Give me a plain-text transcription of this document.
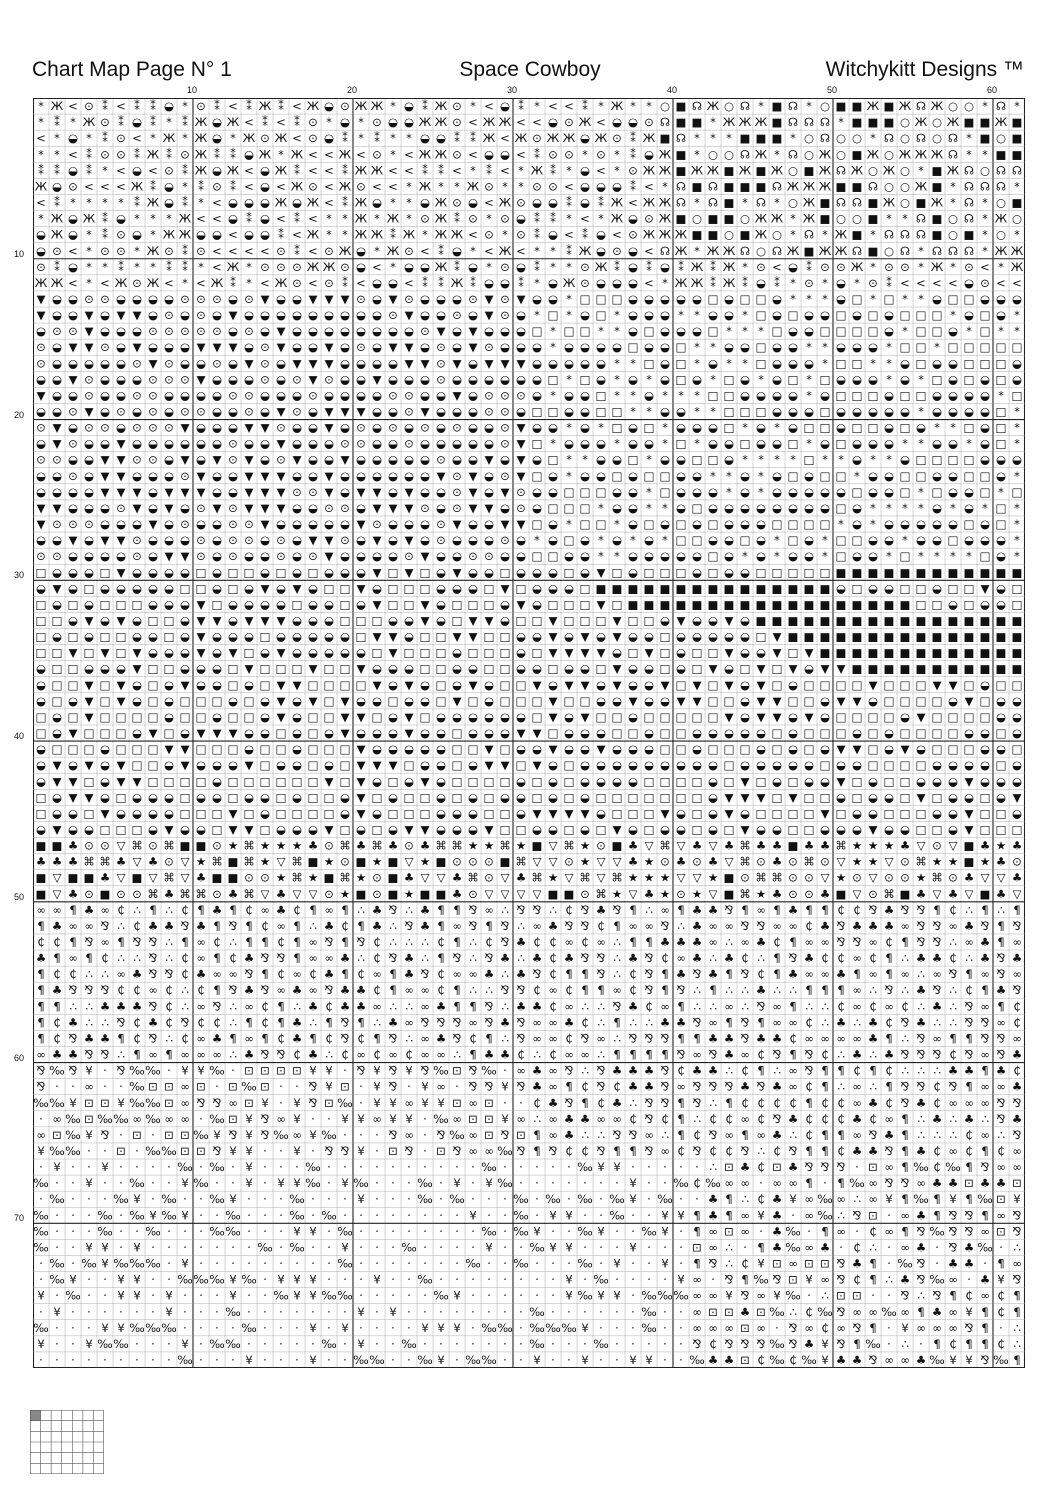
Chart Map Page N° 1	Space Cowboy	Witchykitt Designs ™
10	20	30	40	50	60
10
20
30
40
50
60
70
* Ж < ⊙ ⁑ < ⁑ ⁑ ◒ * ⊙ ⁑ < ⁑ Ж ⁑ < Ж ◒ ⊙ Ж Ж * ◒ ⁑ Ж ⊙ * < ◒ ⁑ * < < ⁑ * Ж * * ○ ■ ☊ Ж ○ ☊ * ■ ☊ * ○ ■ ■ Ж ■ Ж ☊ Ж ○ ○ * ☊ *
* ⁑ * Ж ⊙ ⁑ ◒ ⁑ * ⁑ Ж ◒ Ж < ⁑ < ⁑ ⊙ * ◒ * ⊙ ◒ ◒ Ж Ж ⊙ < Ж Ж < < ◒ ⊙ Ж < ◒ ◒ ⊙ ☊ ■ ■ * Ж Ж Ж ■ ☊ ☊ ☊ * ■ ■ ■ ○ Ж ○ Ж ■ ■ Ж ■
< * ◒ * ⁑ ⊙ < * Ж * Ж ◒ * Ж ⊙ Ж < ⊙ ◒ ⁑ * ⁑ * * ◒ ◒ ⁑ ⁑ Ж < Ж ⊙ Ж Ж ◒ Ж ⊙ ⁑ Ж ■ ☊ * * * ■ ■ ■ * ○ ☊ ○ ○ * ☊ ○ ☊ ○ ☊ * ■ ○ ■
* * < ⁑ ⊙ ⊙ ⁑ Ж ⁑ ⊙ Ж ⁑ ⁑ ◒ Ж * Ж < < Ж < ⊙ * < Ж Ж ⊙ < ◒ ◒ < ⁑ ⊙ ⊙ * ⊙ * ⁑ ◒ Ж ■ * ○ ○ ☊ Ж * ☊ ○ Ж ○ ■ Ж ○ Ж Ж Ж ☊ * * ■ ■
⁑ ⁑ ◒ ⁑ * < ◒ < ⊙ ⁑ Ж ◒ Ж < ◒ Ж ⁑ < < ⁑ Ж Ж < < ⁑ ⁑ < * ⁑ < * Ж ⁑ * ◒ < * ⊙ Ж Ж ■ Ж Ж ■ Ж ■ Ж ○ ■ Ж ☊ Ж ○ Ж ○ * ■ Ж ☊ ○ ☊ ☊
Ж ◒ ⊙ < < < Ж ⁑ ◒ * ⁑ ⊙ ⁑ < ◒ < Ж ⊙ < Ж ⊙ < < * Ж * * Ж ⊙ * * ⊙ ⊙ < ◒ ◒ ◒ ⁑ < * ☊ ■ ☊ ■ ■ ■ ☊ Ж Ж Ж ■ ■ ☊ ○ ○ Ж ■ * ☊ ☊ ☊ *
< ⁑ * * * * ⁑ Ж ◒ ⁑ * < ◒ ◒ ◒ Ж ◒ Ж < ⁑ Ж ◒ * * ◒ Ж ⊙ ◒ < Ж ⊙ ◒ ◒ ⁑ ◒ ⁑ Ж < Ж Ж ☊ * ☊ ■ * ☊ * ○ Ж ■ ☊ ☊ ■ Ж ○ ■ Ж * ☊ * ○ ■
* Ж ◒ Ж ⁑ ◒ * * * Ж < < ◒ ⁑ ◒ < ⁑ < * * Ж * Ж * ⊙ Ж ⁑ ⊙ * ⊙ ◒ ⁑ ⁑ * < * Ж ◒ ⊙ Ж ■ ○ ■ ■ ○ Ж Ж * Ж ■ ○ ○ ■ * * ☊ ■ ○ ☊ * Ж ○
◒ Ж ◒ * ⁑ ⊙ ◒ * Ж Ж ◒ ◒ < ◒ ◒ ⁑ < Ж * * Ж Ж ⁑ Ж * Ж Ж < ⊙ * ⊙ ⁑ ◒ < ⁑ ◒ < ⊙ Ж Ж Ж ■ ■ ○ ■ Ж ○ * ☊ * Ж ■ * ☊ ☊ ☊ ■ ○ ■ * ○ *
◒ ⊙ < * ⊙ ⊙ * Ж ⊙ ⁑ ⊙ < < < < ⊙ ⁑ < ⊙ Ж ◒ * Ж ⊙ < ⁑ ◒ * < Ж < * * ⁑ Ж ◒ ⊙ ◒ < ☊ Ж * Ж Ж ☊ ○ ☊ Ж ■ Ж Ж ☊ ■ ○ ☊ * ☊ ☊ ☊ * Ж Ж
⊙ ⁑ ◒ * * ⁑ * * ⁑ ⁑ * < Ж * ⊙ ⊙ ⊙ Ж Ж ⊙ ◒ < * ◒ ◒ Ж ⁑ ◒ * ⊙ ◒ ⁑ * * ⊙ Ж ⁑ ◒ ⁑ ◒ ⁑ Ж ⁑ Ж * ⊙ < ◒ ⁑ ⊙ ⊙ Ж * ⊙ ⊙ * Ж * ⊙ < * Ж
Ж Ж < * < Ж ⊙ Ж < * < Ж ⁑ * < Ж ⊙ < ⊙ ⁑ < ◒ ◒ < ⁑ ⁑ Ж ⁑ ◒ ◒ ⁑ * ◒ Ж ⊙ ◒ ◒ ◒ < * Ж Ж ⁑ Ж ⁑ ◒ ⁑ * ⊙ * ◒ * ⊙ ⁑ < < < < ◒ ⊙ < <
▼ ◒ ◒ ⊙ ⊙ ◒ ◒ ◒ ◒ ⊙ ⊙ ⊙ ◒ ⊙ ▼ ◒ ◒ ▼ ▼ ▼ ⊙ ◒ ▼ ⊙ ◒ ◒ ◒ ⊙ ▼ ⊙ ▼ ◒ ◒ * □ □ □ ◒ ◒ ◒ ◒ ◒ □ ◒ □ □ ◒ * * * ◒ □ * □ * * ◒ □ □ ◒ ◒ ◒
▼ ◒ ◒ ▼ ◒ ▼ ▼ ◒ ⊙ ◒ ⊙ ◒ ▼ ◒ ◒ ◒ ◒ ◒ ◒ ◒ ◒ ◒ ⊙ ▼ ◒ ◒ ⊙ ◒ ▼ ⊙ ◒ * □ * ◒ □ * ◒ ◒ ◒ * * ◒ ◒ * □ ◒ □ ◒ ◒ □ ◒ □ ◒ □ □ □ * ◒ □ ◒ *
◒ ⊙ ⊙ ▼ ◒ ◒ ◒ ⊙ ⊙ ⊙ ⊙ ⊙ ◒ ⊙ ◒ ▼ ◒ ◒ ◒ ◒ ◒ ◒ ◒ ◒ ⊙ ▼ ◒ ▼ ◒ ◒ ◒ □ * □ □ * * ◒ □ ◒ ◒ ◒ □ * * * □ ◒ ◒ □ □ □ □ ◒ * □ □ ◒ * □ * *
⊙ ◒ ▼ ▼ ⊙ ◒ ▼ ◒ ◒ ◒ ▼ ▼ ▼ ◒ ⊙ ▼ ◒ ◒ ▼ ◒ ⊙ ◒ ▼ ▼ ◒ ⊙ ◒ ▼ ⊙ ◒ ◒ ◒ * ◒ ◒ ◒ ◒ □ ◒ ◒ □ * * ◒ ◒ □ ◒ ◒ * * ◒ ◒ ◒ * □ □ * □ □ □ □ □
⊙ ◒ ◒ ◒ ◒ ◒ ⊙ ▼ ⊙ ◒ ◒ ⊙ ◒ ▼ ⊙ ◒ ▼ ▼ ▼ ◒ ◒ ◒ ◒ ▼ ▼ ⊙ ▼ ◒ ▼ ▼ ▼ ◒ ◒ ◒ ◒ ◒ * * □ ◒ □ * ◒ * * □ ◒ ◒ ◒ * □ □ * * ◒ □ ◒ ◒ □ □ □ ◒
◒ ◒ ▼ ⊙ ◒ ◒ ◒ ⊙ ⊙ ⊙ ▼ ◒ ◒ ◒ ⊙ ◒ ⊙ ▼ ⊙ ◒ ◒ ▼ ◒ ◒ ◒ ⊙ ◒ ◒ ◒ ◒ ◒ ◒ □ * □ ◒ * ◒ * ◒ □ ◒ * □ ◒ * ◒ □ * □ ◒ ◒ ◒ * ◒ * □ ◒ □ ◒ □ ◒
▼ ◒ ◒ ⊙ ◒ ◒ ⊙ ⊙ ◒ ◒ ◒ ◒ ⊙ ⊙ ◒ ◒ ◒ ⊙ ◒ ◒ ◒ ◒ ⊙ ⊙ ◒ ◒ ▼ ◒ ⊙ ⊙ ⊙ ◒ * ◒ ◒ □ * * ◒ * * * □ □ ◒ ◒ ◒ ◒ * ◒ □ □ □ ◒ □ □ ◒ ◒ ◒ ◒ * □
◒ ◒ ⊙ ▼ ◒ ⊙ ◒ ⊙ ◒ ⊙ ⊙ ◒ ◒ ⊙ ◒ ▼ ⊙ ◒ ▼ ▼ ▼ ◒ ◒ ⊙ ▼ ◒ ◒ ◒ ⊙ ⊙ ◒ □ □ ◒ ◒ □ □ * * ◒ ◒ * * □ □ □ ◒ ◒ ◒ □ ◒ ◒ ◒ ◒ ◒ * ◒ ◒ ◒ ◒ □ *
⊙ ▼ ◒ ⊙ ⊙ ◒ ⊙ ⊙ ⊙ ▼ ◒ ◒ ◒ ▼ ▼ ⊙ ◒ ◒ ▼ ◒ ⊙ ◒ ⊙ ◒ ⊙ ◒ ⊙ ◒ ◒ ⊙ ▼ ◒ ◒ * ◒ * □ ◒ □ * ◒ ◒ ◒ □ * ◒ * ◒ □ □ ◒ □ □ ◒ □ ◒ * * □ ◒ □ *
◒ ▼ ⊙ ◒ ◒ ▼ ◒ ◒ ◒ ◒ ◒ ◒ ⊙ ◒ ◒ ▼ ◒ ◒ ◒ ⊙ ⊙ ◒ ◒ ⊙ ◒ ◒ ◒ ◒ ◒ ⊙ ▼ □ * ◒ ◒ ◒ * ◒ ◒ * □ * ◒ ◒ □ ◒ ◒ □ * ◒ □ ◒ ◒ ◒ * * ◒ ◒ * ◒ □ *
⊙ ⊙ ◒ ◒ ▼ ▼ ⊙ ⊙ ◒ ▼ ◒ ▼ ⊙ ▼ ◒ ⊙ ▼ ◒ ◒ ▼ ◒ ◒ ◒ ◒ ◒ ⊙ ◒ ◒ ▼ ◒ ▼ ◒ □ * * ◒ ◒ □ * ◒ ◒ □ □ ◒ * * * * □ * * ◒ * * ◒ □ □ □ □ ◒ ◒ ◒
◒ ◒ ⊙ ◒ ▼ ▼ ◒ ◒ ◒ ⊙ ▼ ◒ ◒ ▼ ▼ ▼ ◒ ◒ ▼ ◒ ◒ ◒ ◒ ◒ ◒ ▼ ⊙ ▼ ◒ ⊙ ▼ □ ◒ * ◒ ◒ □ ◒ □ □ ◒ ◒ * * ◒ * ◒ □ ◒ □ □ * ◒ ◒ □ □ ◒ ◒ □ □ ◒ *
◒ ◒ ◒ ◒ ▼ ▼ ▼ ◒ ▼ ▼ ▼ ◒ ◒ ▼ ▼ ▼ ⊙ ⊙ ▼ ◒ ▼ ▼ ◒ ▼ ◒ ◒ ⊙ ▼ ◒ ▼ ⊙ ◒ ◒ □ □ □ ◒ ◒ * □ ◒ ◒ ◒ * ◒ * ◒ ◒ ◒ ◒ ◒ □ ◒ ◒ □ * □ ◒ ◒ □ * □
▼ ▼ ◒ ◒ ◒ ⊙ ▼ ◒ ▼ ◒ ⊙ ▼ ⊙ ▼ ▼ ▼ ◒ ◒ ⊙ ⊙ ◒ ▼ ▼ ▼ ⊙ ◒ ⊙ ▼ ▼ ◒ ⊙ ◒ □ □ □ * ◒ ◒ * * ◒ □ ◒ ◒ ◒ ◒ ◒ ◒ ◒ ◒ □ ◒ * * * * ◒ * ◒ * □ *
▼ ⊙ ⊙ ⊙ ◒ ◒ ◒ ▼ ◒ ⊙ ◒ ◒ ⊙ ⊙ ▼ ◒ ◒ ◒ ◒ ◒ ▼ ⊙ ◒ ◒ ◒ ⊙ ▼ ◒ ◒ ▼ ▼ □ ◒ * □ □ * ◒ □ ◒ □ ◒ □ ◒ ◒ ◒ □ □ □ □ * ◒ * ◒ ◒ ◒ ◒ ◒ □ ◒ □ *
◒ ◒ ▼ ◒ ▼ ▼ ⊙ ◒ ◒ ◒ ⊙ ◒ ⊙ ⊙ ◒ ⊙ ◒ ▼ ▼ ⊙ ◒ ▼ ◒ ▼ ◒ ⊙ ◒ ◒ ◒ ⊙ ◒ * ◒ □ ◒ * ◒ * ◒ * □ □ ◒ ◒ □ ◒ * □ ◒ * □ □ ◒ ◒ * ◒ ◒ □ ◒ ◒ ◒ *
⊙ ⊙ ◒ ◒ ◒ ◒ ⊙ ◒ ▼ ▼ ⊙ ◒ ⊙ ◒ ◒ ⊙ ◒ ⊙ ▼ ◒ ◒ ◒ ◒ ⊙ ▼ ◒ ◒ ⊙ ⊙ ◒ ◒ □ □ ◒ ◒ * * ◒ ◒ ◒ ◒ ◒ □ ◒ * ◒ * ◒ ◒ * □ ◒ ◒ * □ * * * * □ ◒ *
□ ◒ ◒ ◒ □ ▼ ◒ ◒ ◒ ◒ □ ◒ □ □ ◒ □ ◒ □ ◒ ◒ ◒ ▼ □ ▼ □ ◒ ▼ ◒ ◒ □ ◒ ◒ ◒ □ ◒ ▼ □ ◒ □ □ □ ◒ □ ◒ ◒ □ □ □ □ □ ■ ■ ■ ■ ■ ■ ■ ■ ■ ■ ■ ■
◒ ▼ ◒ □ ◒ ◒ ◒ ◒ ◒ □ □ ◒ □ ◒ ▼ ◒ ▼ ◒ □ □ ▼ ◒ □ □ □ ◒ ◒ ◒ □ ▼ □ ◒ ◒ ◒ □ ■ ■ ■ ■ ■ ■ ■ ■ ■ ■ ■ ■ ■ ■ ■ ◒ □ ◒ ◒ □ □ ◒ □ □ ▼ ◒ □
□ ◒ □ ◒ □ □ □ ◒ ◒ ◒ ▼ □ ◒ ◒ ◒ ◒ □ ◒ ◒ □ ◒ ▼ □ □ ▼ ◒ □ □ □ ◒ ▼ ◒ □ □ □ ▼ □ ■ ■ ■ ■ ■ ■ ■ ■ ■ ■ ■ ■ ■ ■ ■ ■ ■ ■ □ □ ◒ □ ◒ ◒ □
□ □ ◒ ▼ ◒ ▼ ◒ □ □ ◒ ▼ ▼ ◒ ▼ ▼ ▼ ◒ ◒ ◒ □ □ □ ◒ ◒ ▼ ◒ □ ▼ ▼ ◒ □ □ ▼ □ □ □ ▼ □ □ ◒ ▼ ◒ ◒ ▼ ◒ ■ ■ ■ ■ ■ ■ ■ ■ ■ ■ ■ ■ ■ ■ ■ ■ ■
□ ◒ □ ◒ □ □ ◒ ◒ □ ◒ ▼ ◒ ◒ ◒ □ ◒ ◒ ◒ ◒ ◒ □ ▼ ▼ ◒ □ □ ▼ ▼ □ □ ◒ ◒ ▼ ◒ ▼ ◒ ▼ ◒ ◒ □ ◒ ◒ ◒ ◒ ◒ □ ▼ ■ ■ ■ ■ ■ ■ ■ ■ ■ ■ ■ ■ ■ ■ ■
□ □ ▼ □ ▼ □ ▼ ◒ ◒ ◒ ▼ ◒ ▼ □ ◒ ▼ ◒ ◒ ◒ ◒ ◒ □ ▼ □ □ □ ◒ □ □ □ ◒ □ ▼ ▼ ▼ ▼ ◒ □ ▼ □ ◒ □ □ ▼ ◒ ◒ ▼ □ ▼ ■ ■ ■ ■ ■ ■ ■ ■ ■ ■ ■ ■ ■
◒ □ □ ◒ ◒ ◒ ▼ □ □ ◒ ◒ ◒ □ ▼ □ □ □ ▼ □ □ ▼ ◒ ◒ ◒ □ □ ◒ ◒ □ □ ◒ ◒ □ ◒ ◒ □ ▼ ◒ ◒ □ ◒ □ ▼ ◒ □ ▼ □ ▼ ◒ ▼ ▼ ■ ■ ■ ■ ■ ■ ■ ■ ■ ■ ■
◒ □ □ ▼ □ ▼ ◒ □ ◒ ▼ ◒ ◒ □ ◒ □ ▼ ▼ □ □ □ □ ▼ ◒ ▼ ◒ □ ◒ ▼ ◒ □ □ ▼ ◒ ▼ ▼ ◒ ▼ ◒ ◒ ▼ □ ▼ □ ▼ ◒ ▼ □ ◒ □ □ □ □ ▼ □ □ □ ▼ ▼ □ ◒ □ □
◒ □ ◒ ▼ □ ▼ ◒ □ ◒ □ □ □ ◒ □ ◒ ▼ ◒ ▼ □ ▼ ◒ ◒ □ ◒ ◒ □ ▼ □ ◒ □ □ □ ▼ □ □ ◒ ◒ ▼ ◒ ◒ ▼ ▼ □ □ ◒ ▼ ▼ □ □ ◒ ▼ ▼ ◒ □ □ □ □ ◒ ▼ □ ◒ ◒
□ ◒ □ ▼ □ □ □ □ ◒ □ □ ◒ □ □ ◒ ▼ ◒ □ □ ▼ ▼ □ ◒ ▼ □ ◒ ◒ ◒ ◒ ◒ ◒ □ ▼ ◒ ▼ □ □ ◒ □ □ □ □ □ ▼ ◒ ▼ ▼ ◒ ▼ ◒ □ □ □ □ ◒ ▼ □ □ □ □ ◒ ◒
□ ◒ ▼ □ □ □ ◒ ▼ □ ◒ ▼ ▼ ▼ ◒ ◒ □ ◒ □ ◒ ▼ ◒ ◒ ◒ ▼ ◒ ◒ □ ◒ ◒ ◒ ▼ ▼ □ ◒ ◒ ◒ □ □ ◒ □ □ ◒ ◒ ◒ ◒ ◒ □ ◒ □ □ □ ◒ □ ◒ □ □ □ □ ◒ ◒ □ ◒
◒ □ □ □ ◒ □ □ □ ▼ ▼ □ □ □ ◒ □ □ ◒ □ □ □ ▼ ◒ ◒ ◒ ◒ ◒ □ □ ▼ □ ◒ ◒ ▼ ◒ ◒ ▼ ◒ ◒ ◒ □ □ ◒ □ □ □ ◒ □ ◒ □ ◒ ▼ ▼ □ ◒ ▼ ◒ □ □ □ ◒ ◒ □
◒ ▼ ◒ ▼ ◒ ▼ □ □ ◒ ▼ ◒ ◒ ◒ ▼ □ ◒ ◒ □ ◒ □ ▼ ▼ ▼ □ ◒ ◒ □ ◒ ▼ ▼ □ ▼ ◒ □ ◒ ◒ ◒ ◒ ◒ ◒ ◒ ◒ ◒ □ ◒ ◒ ◒ ◒ ◒ □ ◒ ◒ □ □ □ □ ◒ ◒ ◒ ◒ □ ◒
◒ ▼ ▼ □ ◒ ▼ ▼ □ □ □ □ ◒ □ □ □ □ □ □ ▼ □ ▼ ◒ □ ◒ ▼ ◒ □ □ □ □ ◒ □ ◒ □ ◒ ◒ ◒ ◒ □ □ □ □ ◒ □ ▼ □ ◒ □ ◒ ◒ ▼ □ ◒ □ □ ◒ ◒ ◒ ▼ ◒ ◒ ◒
□ ◒ ▼ ▼ ◒ □ ◒ ◒ ◒ □ ◒ ◒ □ ◒ ◒ □ ◒ □ □ ◒ ▼ □ ◒ □ □ ◒ □ ◒ □ ◒ ◒ □ ◒ □ ◒ □ □ □ □ □ □ □ ◒ ▼ ▼ ▼ □ ▼ □ □ ◒ □ ◒ ◒ □ ▼ □ ◒ ◒ □ ◒ ▼
□ ◒ ◒ □ ▼ ◒ ◒ ◒ ◒ □ □ □ ▼ □ ◒ □ □ □ □ ◒ ▼ ◒ □ □ □ ◒ ◒ ◒ □ □ ◒ ▼ ▼ ▼ ▼ ◒ □ □ □ ▼ ◒ □ ◒ ▼ ◒ □ □ □ □ ▼ □ ◒ ◒ □ □ □ ◒ ◒ ▼ □ □ ◒
◒ ▼ ◒ ◒ □ □ □ ◒ ▼ ◒ ◒ □ ▼ ▼ □ ◒ ◒ ◒ ▼ □ ◒ □ ◒ ▼ ▼ ◒ ◒ ◒ ▼ □ □ ◒ ◒ □ ◒ □ ▼ ◒ □ ◒ ◒ □ ◒ □ ▼ ◒ ◒ □ □ ◒ ◒ ◒ ▼ ◒ ◒ □ □ ◒ ▼ □ □ □
■ ■ ♣ ⊙ ⊙ ▽ ⌘ ⊙ ⌘ ■ ■ ⊙ ★ ⌘ ★ ★ ★ ♣ ⊙ ⌘ ♣ ⌘ ♣ ⊙ ♣ ⌘ ⌘ ★ ★ ⌘ ★ ■ ▽ ⌘ ★ ⊙ ■ ♣ ▽ ⌘ ▽ ♣ ▽ ♣ ⌘ ♣ ♣ ■ ♣ ♣ ⌘ ★ ★ ★ ♣ ▽ ⊙ ▽ ■ ♣ ★ ♣
♣ ♣ ♣ ⌘ ⌘ ♣ ▽ ♣ ⊙ ▽ ★ ⌘ ■ ⌘ ★ ▽ ⌘ ■ ★ ⊙ ■ ★ ■ ▽ ★ ■ ⊙ ⊙ ⊙ ■ ⌘ ▽ ▽ ⊙ ★ ▽ ▽ ♣ ★ ⊙ ♣ ⊙ ♣ ▽ ⌘ ⊙ ♣ ⊙ ⌘ ⊙ ▽ ★ ★ ▽ ⊙ ⌘ ★ ★ ■ ★ ♣ ⊙
■ ▽ ■ ■ ♣ ▽ ■ ▽ ⌘ ▽ ♣ ■ ■ ⊙ ⊙ ★ ⌘ ★ ■ ⌘ ★ ⊙ ■ ♣ ▽ ▽ ♣ ⌘ ⊙ ▽ ♣ ⌘ ★ ▽ ⌘ ▽ ⌘ ★ ★ ★ ▽ ▽ ★ ■ ⊙ ⌘ ⌘ ⊙ ⊙ ▽ ★ ⊙ ▽ ⊙ ⊙ ★ ⌘ ⊙ ♣ ▽ ▽ ♣
■ ▽ ♣ ⊙ ■ ⊙ ⊙ ⌘ ♣ ⌘ ⌘ ⊙ ♣ ⌘ ▽ ♣ ▽ ▽ ⊙ ★ ■ ⊙ ■ ★ ■ ■ ♣ ⊙ ▽ ▽ ▽ ▽ ■ ■ ⊙ ⌘ ★ ▽ ♣ ★ ⊙ ★ ▽ ■ ⌘ ★ ♣ ⊙ ⊙ ♣ ■ ▽ ⊙ ⌘ ■ ♣ ▽ ♣ ▽ ■ ♣ ▽
∞ ∞ ¶ ♣ ∞ ₵ ∴ ¶ ∴ ₵ ¶ ♣ ¶ ₵ ∞ ♣ ₵ ¶ ∞ ¶ ∴ ♣ ⅋ ∴ ♣ ¶ ¶ ⅋ ∞ ∴ ⅋ ⅋ ∴ ₵ ⅋ ♣ ⅋ ¶ ∴ ∞ ¶ ♣ ♣ ⅋ ¶ ∞ ¶ ♣ ¶ ¶ ₵ ₵ ⅋ ♣ ⅋ ⅋ ¶ ₵ ∴ ¶ ∴ ¶
¶ ♣ ∞ ∞ ⅋ ∴ ₵ ♣ ♣ ⅋ ♣ ¶ ⅋ ¶ ₵ ∞ ¶ ∴ ♣ ₵ ¶ ♣ ∴ ⅋ ♣ ¶ ∞ ⅋ ¶ ⅋ ∴ ∞ ♣ ⅋ ⅋ ₵ ¶ ∞ ∞ ⅋ ∴ ♣ ∞ ∞ ⅋ ⅋ ∞ ∞ ₵ ♣ ⅋ ♣ ♣ ♣ ∞ ⅋ ⅋ ∞ ♣ ⅋ ¶ ⅋
₵ ₵ ¶ ⅋ ∞ ¶ ⅋ ⅋ ∴ ¶ ∞ ₵ ∴ ¶ ¶ ₵ ¶ ∞ ⅋ ¶ ⅋ ₵ ∴ ∴ ∴ ₵ ¶ ∴ ₵ ⅋ ♣ ₵ ₵ ∞ ₵ ∞ ∴ ¶ ¶ ♣ ♣ ♣ ∞ ∴ ∞ ♣ ₵ ¶ ∞ ∞ ⅋ ⅋ ∞ ₵ ¶ ⅋ ⅋ ∴ ∞ ♣ ¶ ∞
♣ ¶ ∞ ¶ ₵ ∴ ∴ ⅋ ∴ ₵ ∞ ¶ ₵ ♣ ⅋ ⅋ ¶ ∞ ∞ ♣ ∴ ₵ ⅋ ♣ ∴ ¶ ⅋ ∴ ⅋ ♣ ∴ ♣ ₵ ♣ ⅋ ⅋ ∴ ♣ ⅋ ₵ ∞ ♣ ∴ ♣ ₵ ∴ ¶ ⅋ ♣ ₵ ₵ ∞ ₵ ¶ ∴ ♣ ♣ ₵ ∴ ♣ ⅋ ♣
¶ ₵ ₵ ∴ ∴ ∞ ♣ ⅋ ⅋ ₵ ♣ ∞ ∞ ⅋ ¶ ₵ ∞ ₵ ♣ ¶ ₵ ∞ ¶ ♣ ⅋ ₵ ∞ ∞ ♣ ∴ ♣ ⅋ ₵ ¶ ¶ ⅋ ∴ ₵ ⅋ ¶ ♣ ⅋ ♣ ¶ ⅋ ₵ ¶ ♣ ∞ ∞ ♣ ¶ ∞ ¶ ∞ ∴ ∞ ⅋ ¶ ∞ ⅋ ∞
¶ ♣ ⅋ ⅋ ⅋ ₵ ₵ ∞ ₵ ∴ ₵ ¶ ⅋ ♣ ⅋ ∞ ♣ ∞ ⅋ ♣ ♣ ₵ ¶ ∞ ∞ ₵ ¶ ∴ ∴ ⅋ ⅋ ₵ ∞ ₵ ¶ ¶ ∞ ₵ ⅋ ¶ ⅋ ∴ ¶ ∴ ∴ ♣ ∴ ∴ ¶ ¶ ¶ ∞ ∴ ⅋ ∴ ♣ ⅋ ∴ ₵ ¶ ♣ ⅋
¶ ¶ ∴ ∴ ♣ ♣ ♣ ⅋ ₵ ∴ ∞ ⅋ ∴ ∞ ₵ ¶ ∴ ♣ ₵ ♣ ♣ ∞ ∴ ∴ ∞ ♣ ¶ ¶ ⅋ ∴ ♣ ♣ ₵ ∞ ∴ ∴ ⅋ ♣ ₵ ∞ ¶ ∴ ∴ ∞ ∴ ⅋ ∞ ¶ ∴ ∴ ₵ ∞ ₵ ∞ ₵ ∴ ♣ ∴ ⅋ ∞ ¶ ₵
¶ ₵ ♣ ∴ ∴ ⅋ ₵ ♣ ₵ ⅋ ₵ ₵ ∴ ¶ ₵ ¶ ♣ ∴ ¶ ⅋ ¶ ∴ ♣ ∞ ⅋ ⅋ ⅋ ∞ ⅋ ♣ ⅋ ∞ ∞ ♣ ₵ ∴ ¶ ∴ ∴ ♣ ♣ ⅋ ∞ ¶ ⅋ ¶ ∞ ∞ ₵ ∴ ♣ ∴ ♣ ₵ ⅋ ♣ ∴ ∴ ⅋ ⅋ ∞ ₵
¶ ₵ ⅋ ♣ ♣ ¶ ₵ ⅋ ∴ ₵ ∞ ♣ ¶ ∞ ¶ ₵ ♣ ¶ ₵ ⅋ ₵ ¶ ⅋ ∴ ∞ ♣ ⅋ ₵ ¶ ∴ ⅋ ∞ ∞ ₵ ⅋ ∞ ∴ ⅋ ⅋ ⅋ ¶ ¶ ♣ ♣ ⅋ ♣ ♣ ₵ ∞ ∞ ∞ ∞ ♣ ¶ ∴ ⅋ ∞ ¶ ¶ ⅋ ⅋ ∞
∞ ♣ ♣ ⅋ ⅋ ∴ ¶ ∞ ¶ ∞ ∞ ∞ ∴ ♣ ⅋ ⅋ ₵ ♣ ∴ ₵ ∞ ₵ ∞ ₵ ∞ ∞ ∴ ¶ ♣ ♣ ₵ ∴ ₵ ∞ ∞ ∴ ¶ ¶ ¶ ¶ ⅋ ∞ ⅋ ♣ ∞ ₵ ⅋ ¶ ⅋ ₵ ∴ ♣ ∴ ♣ ⅋ ⅋ ⅋ ₵ ⅋ ∞ ⅋ ♣
⅋ ‰ ⅋ ¥ · ⅋ ‰ ‰ · ¥ ¥ ‰ · ⊡ ⊡ ⊡ ⊡ ¥ ¥ · ⅋ ¥ ⅋ ¥ ⅋ ‰ ⊡ ⅋ ‰ · ∞ ♣ ∞ ⅋ ∴ ⅋ ♣ ♣ ♣ ⅋ ₵ ♣ ♣ ∴ ₵ ¶ ∴ ∞ ⅋ ¶ ¶ ₵ ¶ ₵ ∴ ∴ ∴ ♣ ♣ ¶ ♣ ₵
⅋ · · ∞ · · ‰ ⊡ ⊡ ∞ ⊡ · ⊡ ‰ ⊡ · · ⅋ ¥ ⊡ · ¥ ⅋ · ¥ ∞ · ⅋ ⅋ ¥ ⅋ ♣ ∞ ¶ ₵ ⅋ ₵ ♣ ♣ ⅋ ∞ ⅋ ⅋ ⅋ ♣ ⅋ ♣ ∞ ₵ ¶ ∴ ∞ ∴ ¶ ⅋ ⅋ ₵ ⅋ ¶ ∞ ∞ ♣
‰ ‰ ¥ ⊡ ⊡ ¥ ‰ ‰ ⊡ ∞ ⅋ ⅋ ∞ ⊡ ¥ · ¥ ⅋ ⊡ ‰ · ¥ ¥ ∞ ¥ ¥ ⊡ ∞ ⊡ · · ₵ ♣ ⅋ ¶ ₵ ♣ ∴ ⅋ ⅋ ¶ ⅋ ∴ ¶ ₵ ₵ ₵ ₵ ¶ ₵ ₵ ∞ ♣ ₵ ⅋ ♣ ₵ ∞ ∞ ∞ ⅋ ⅋
· ∞ ‰ ⊡ ‰ ‰ ∞ ‰ ∞ ∞ · ‰ ⊡ ¥ ⅋ ∞ ¥ · · ¥ ¥ ∞ ¥ ¥ · ‰ ∞ ⊡ ⊡ ¥ ∞ ∴ ∞ ♣ ♣ ∞ ∞ ₵ ⅋ ₵ ¶ ∴ ₵ ₵ ∞ ₵ ⅋ ♣ ₵ ₵ ₵ ♣ ₵ ∞ ¶ ∴ ♣ ∴ ♣ ∴ ⅋ ♣
∞ ⊡ ‰ ¥ ⅋ · ⊡ · ⊡ ⊡ ‰ ¥ ⅋ ¥ ⅋ ‰ ∞ ¥ ‰ · · · ⅋ ∞ · ⅋ ‰ ∞ ⊡ ⅋ ⊡ ¶ ∞ ♣ ∴ ∴ ⅋ ⅋ ∞ ∴ ¶ ₵ ⅋ ∞ ¶ ∞ ♣ ∴ ₵ ¶ ¶ ∞ ⅋ ♣ ¶ ∴ ∴ ∴ ₵ ∞ ∴ ⅋
¥ ‰ ‰ · · ⊡ · ‰ ‰ ⊡ ⊡ ⅋ ¥ ¥ · · ¥ · ⅋ ⅋ ¥ · ⊡ ⅋ · ⊡ ⅋ ∞ ∞ ‰ ⅋ ¶ ⅋ ₵ ₵ ⅋ ¶ ¶ ⅋ ∞ ₵ ⅋ ₵ ₵ ⅋ ∴ ₵ ⅋ ¶ ¶ ₵ ♣ ♣ ⅋ ¶ ♣ ₵ ∞ ₵ ¶ ₵ ∞
· ¥ · · ¥ · · · · ‰ · ‰ · ¥ · · · ‰ · · · · · · · · · · ‰ · · · · · ‰ ¥ ¥ · · · · · ∴ ⊡ ♣ ₵ ⊡ ♣ ⅋ ⅋ ⅋ · ⊡ ∞ ¶ ‰ ₵ ‰ ¶ ⅋ ∞ ∞
‰ · · ¥ · · ‰ · · ¥ ‰ · · ¥ · ¥ ¥ ‰ · ¥ ‰ · · · ‰ · ¥ · ¥ ‰ · · · · · · · ¥ · · ‰ ₵ ‰ ∞ ∞ · ∞ ∞ ¶ · ¶ ‰ ∞ ⅋ ⅋ ∞ ♣ ♣ ⊡ ♣ ♣ ⊡
· ‰ · · · ‰ ¥ · ‰ · · ‰ ¥ · · · ‰ · · · ¥ · · · ‰ · ‰ · · · ‰ · ‰ · ‰ · ‰ ¥ · ‰ · · ♣ ¶ ∴ ₵ ♣ ¥ ∞ ‰ ∞ ∴ ∞ ¥ ¶ ‰ ¶ ¥ ¶ ‰ ⊡ ¥
‰ · · · ‰ · ‰ ¥ ‰ ¥ · · ‰ · · · ‰ · ‰ · · · · · · · · ¥ · · ‰ · ¥ ¥ · · ‰ · · ¥ ¥ ¶ ♣ ¶ ∞ ¥ ♣ · ∞ ‰ ∴ ⅋ ⊡ · ∞ ♣ ¶ ⅋ ⅋ ¶ ∞ ⅋
‰ · · · ‰ · · ‰ · · · ‰ ‰ · · · ¥ ¥ · ‰ · · · · · · · · ‰ · ‰ ¥ · · ‰ ¥ · · ‰ ¥ · ¶ ∞ ⊡ ∞ · ♣ ‰ · ¶ ∞ · ₵ ∞ ¶ ⅋ ‰ ⅋ ⅋ ∞ ⊡ ⅋
‰ · · ¥ ¥ · ¥ · · · · · · · ‰ · ‰ · · ¥ · · · ‰ · · · · ¥ · · ‰ ¥ ¥ · · · ¥ · · · ⊡ ∞ ∴ · ¶ ♣ ‰ ∞ ♣ · ₵ ∴ · ∞ ♣ · ⅋ ♣ ‰ · ∴
· ‰ · ‰ ¥ ‰ ‰ ‰ · ¥ · · · · · · · · · ‰ · · · · · · · ‰ · · ‰ · · · ‰ · ¥ · · ¥ · ¶ ⅋ ∴ ₵ ¥ ⊡ ∞ ⊡ ⊡ ⅋ ♣ ¶ · ‰ ⅋ · ♣ ♣ · ¶ ∞
· ‰ ¥ · · ¥ ¥ · · ‰ ‰ ‰ ¥ ‰ · ¥ ¥ ¥ · · · ¥ · · ‰ · · · · · · · · ¥ · ‰ · · · · ¥ ∞ · ⅋ ¶ ‰ ⅋ ⊡ ¥ ∞ ⅋ ₵ ¶ ∴ ♣ ⅋ ‰ ∞ · ♣ ¥ ⅋
¥ · ‰ · · ¥ ¥ · ¥ · · · ¥ · · ‰ ¥ ¥ ‰ ‰ · · · · · ‰ ¥ · · · · · · ¥ ‰ ¥ ¥ · ‰ ‰ ‰ ∞ ∞ ¥ ⅋ ∞ ¥ ‰ · ∴ ⊡ ⊡ · · ⅋ ∴ ⅋ ¶ ₵ ∞ ₵ ¶
· ¥ · · · · · · ¥ · · · ‰ · · · · · · · ¥ · ¥ · · · · · · · · ‰ · · · · · · ‰ · · ∞ ⊡ ⊡ ♣ ⊡ ‰ ∴ ₵ ‰ ⅋ ∞ ∞ ‰ ∞ ¶ ♣ ∞ ¥ ¶ ₵ ¶
‰ · · · ¥ ¥ ‰ ‰ ‰ · · · · ‰ · · · ¥ · ¥ · · · · ¥ ¥ ¥ · ‰ ‰ · ‰ ‰ ‰ ¥ · · · ‰ · · ∞ ∞ ∞ ⊡ ∞ · ⅋ ∞ ₵ ∞ ⅋ ¶ · ¥ ∞ ∞ ∞ ⅋ ¶ · ∴
¥ · · ¥ ‰ ‰ · · · ¥ · ‰ ‰ · · · · · ‰ · ¥ · · ‰ · · · · · · · ‰ · · · ‰ · · · · · ⅋ ₵ ⅋ ⅋ ⅋ ‰ ⅋ ♣ ¥ ⅋ ¶ ‰ · ∴ · ¶ ₵ ¶ ¶ ₵ ∴
· · · · · · · · · ‰ · · · ¥ · · · ¥ · · ‰ ‰ · · ‰ ¥ · ‰ ‰ · · ¥ · · ¥ · · ¥ ¥ · · ‰ ♣ ♣ ⊡ ₵ ‰ ₵ ‰ ¥ ♣ ♣ ⅋ ∞ ∞ ♣ ‰ ¥ ¥ ⅋ ‰ ¶
